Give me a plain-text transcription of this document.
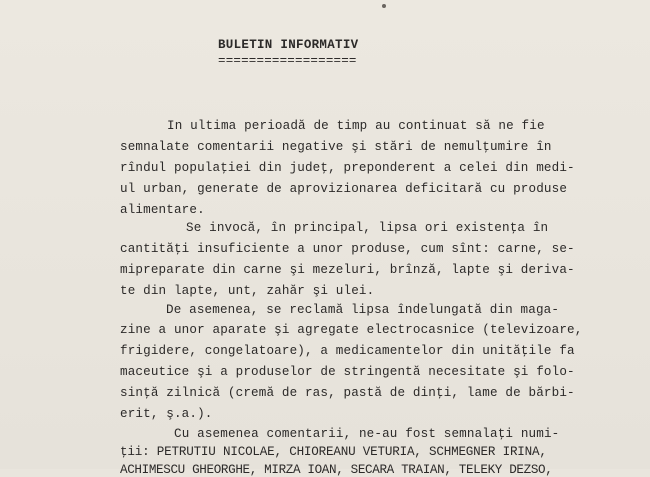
BULETIN INFORMATIV
==================
In ultima perioadă de timp au continuat să ne fie
semnalate comentarii negative şi stări de nemulţumire în
rîndul populaţiei din judeţ, preponderent a celei din medi-
ul urban, generate de aprovizionarea deficitară cu produse
alimentare.
Se invocă, în principal, lipsa ori existenţa în
cantităţi insuficiente a unor produse, cum sînt: carne, se-
mipreparate din carne şi mezeluri, brînză, lapte şi deriva-
te din lapte, unt, zahăr şi ulei.
De asemenea, se reclamă lipsa îndelungată din maga-
zine a unor aparate şi agregate electrocasnice (televizoare,
frigidere, congelatoare), a medicamentelor din unităţile fa
maceutice şi a produselor de stringentă necesitate şi folo-
sinţă zilnică (cremă de ras, pastă de dinţi, lame de bărbi-
erit, ş.a.).
Cu asemenea comentarii, ne-au fost semnalaţi numi-
ţii: PETRUTIU NICOLAE, CHIOREANU VETURIA, SCHMEGNER IRINA,
ACHIMESCU GHEORGHE, MIRZA IOAN, SECARA TRAIAN, TELEKY DEZSO,
